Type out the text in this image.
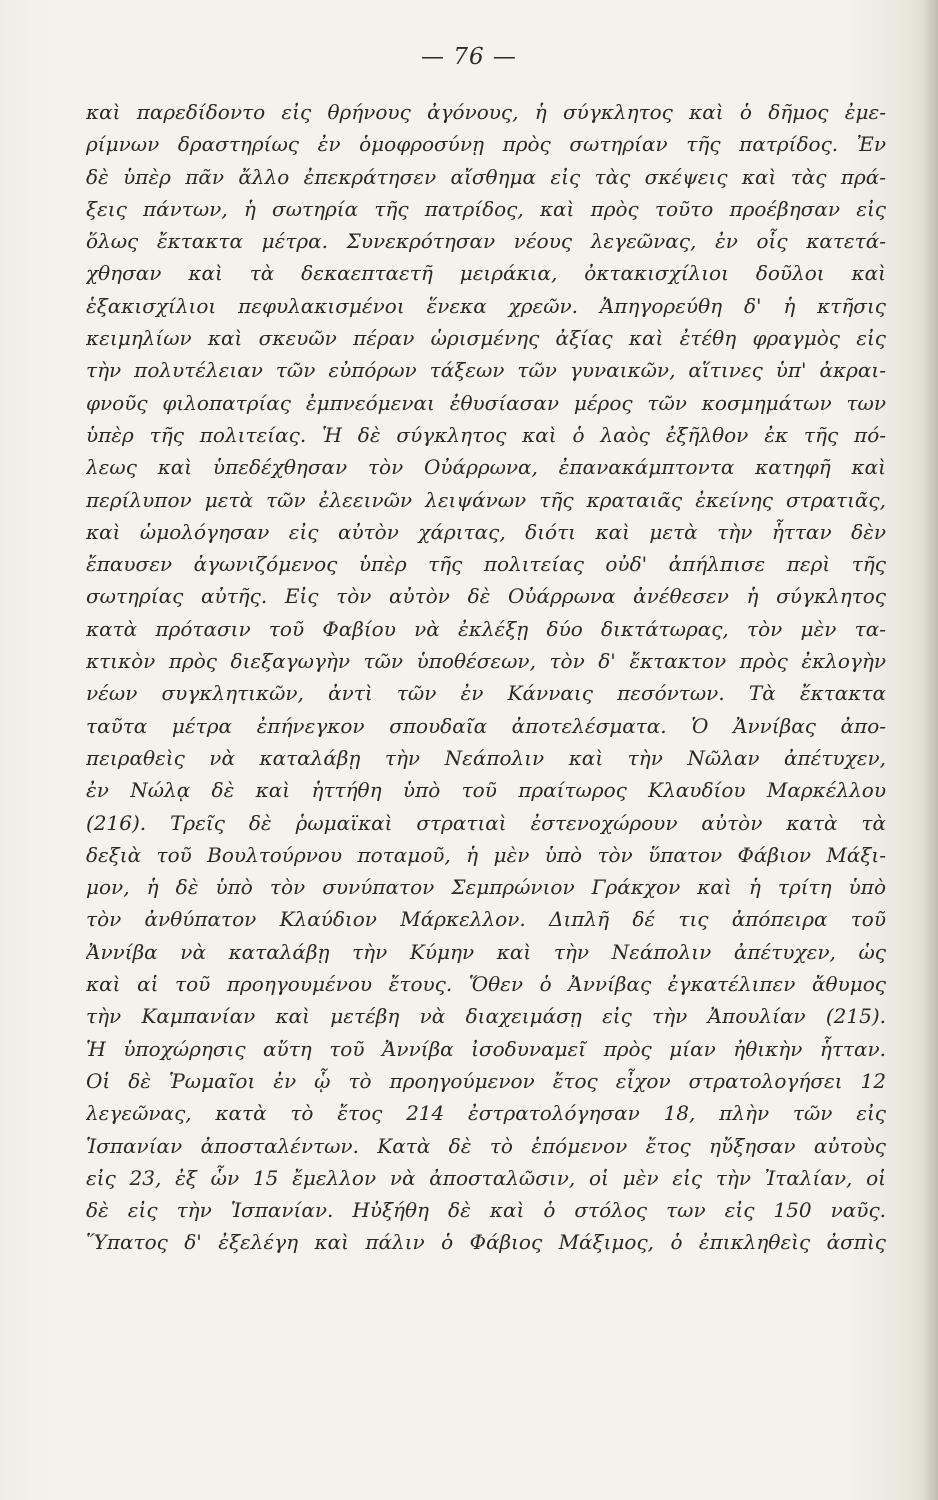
— 76 —
καὶ παρεδίδοντο εἰς θρήνους ἀγόνους, ἡ σύγκλητος καὶ ὁ δῆμος ἐμε-
ρίμνων δραστηρίως ἐν ὁμοφροσύνῃ πρὸς σωτηρίαν τῆς πατρίδος. Ἐν
δὲ ὑπὲρ πᾶν ἄλλο ἐπεκράτησεν αἴσθημα εἰς τὰς σκέψεις καὶ τὰς πρά-
ξεις πάντων, ἡ σωτηρία τῆς πατρίδος, καὶ πρὸς τοῦτο προέβησαν εἰς
ὅλως ἔκτακτα μέτρα. Συνεκρότησαν νέους λεγεῶνας, ἐν οἷς κατετά-
χθησαν καὶ τὰ δεκαεπταετῆ μειράκια, ὀκτακισχίλιοι δοῦλοι καὶ
ἑξακισχίλιοι πεφυλακισμένοι ἕνεκα χρεῶν. Ἀπηγορεύθη δ' ἡ κτῆσις
κειμηλίων καὶ σκευῶν πέραν ὡρισμένης ἀξίας καὶ ἐτέθη φραγμὸς εἰς
τὴν πολυτέλειαν τῶν εὐπόρων τάξεων τῶν γυναικῶν, αἵτινες ὑπ' ἀκραι-
φνοῦς φιλοπατρίας ἐμπνεόμεναι ἐθυσίασαν μέρος τῶν κοσμημάτων των
ὑπὲρ τῆς πολιτείας. Ἡ δὲ σύγκλητος καὶ ὁ λαὸς ἐξῆλθον ἐκ τῆς πό-
λεως καὶ ὑπεδέχθησαν τὸν Οὐάρρωνα, ἐπανακάμπτοντα κατηφῆ καὶ
περίλυπον μετὰ τῶν ἐλεεινῶν λειψάνων τῆς κραταιᾶς ἐκείνης στρατιᾶς,
καὶ ὡμολόγησαν εἰς αὐτὸν χάριτας, διότι καὶ μετὰ τὴν ἧτταν δὲν
ἔπαυσεν ἀγωνιζόμενος ὑπὲρ τῆς πολιτείας οὐδ' ἀπήλπισε περὶ τῆς
σωτηρίας αὐτῆς. Εἰς τὸν αὐτὸν δὲ Οὐάρρωνα ἀνέθεσεν ἡ σύγκλητος
κατὰ πρότασιν τοῦ Φαβίου νὰ ἐκλέξῃ δύο δικτάτωρας, τὸν μὲν τα-
κτικὸν πρὸς διεξαγωγὴν τῶν ὑποθέσεων, τὸν δ' ἔκτακτον πρὸς ἐκλογὴν
νέων συγκλητικῶν, ἀντὶ τῶν ἐν Κάνναις πεσόντων. Τὰ ἔκτακτα
ταῦτα μέτρα ἐπήνεγκον σπουδαῖα ἀποτελέσματα. Ὁ Ἀννίβας ἀπο-
πειραθεὶς νὰ καταλάβῃ τὴν Νεάπολιν καὶ τὴν Νῶλαν ἀπέτυχεν,
ἐν Νώλᾳ δὲ καὶ ἡττήθη ὑπὸ τοῦ πραίτωρος Κλαυδίου Μαρκέλλου
(216). Τρεῖς δὲ ῥωμαϊκαὶ στρατιαὶ ἐστενοχώρουν αὐτὸν κατὰ τὰ
δεξιὰ τοῦ Βουλτούρνου ποταμοῦ, ἡ μὲν ὑπὸ τὸν ὕπατον Φάβιον Μάξι-
μον, ἡ δὲ ὑπὸ τὸν συνύπατον Σεμπρώνιον Γράκχον καὶ ἡ τρίτη ὑπὸ
τὸν ἀνθύπατον Κλαύδιον Μάρκελλον. Διπλῆ δέ τις ἀπόπειρα τοῦ
Ἀννίβα νὰ καταλάβῃ τὴν Κύμην καὶ τὴν Νεάπολιν ἀπέτυχεν, ὡς
καὶ αἱ τοῦ προηγουμένου ἔτους. Ὅθεν ὁ Ἀννίβας ἐγκατέλιπεν ἄθυμος
τὴν Καμπανίαν καὶ μετέβη νὰ διαχειμάσῃ εἰς τὴν Ἀπουλίαν (215).
Ἡ ὑποχώρησις αὕτη τοῦ Ἀννίβα ἰσοδυναμεῖ πρὸς μίαν ἠθικὴν ἧτταν.
Οἱ δὲ Ῥωμαῖοι ἐν ᾧ τὸ προηγούμενον ἔτος εἶχον στρατολογήσει 12
λεγεῶνας, κατὰ τὸ ἔτος 214 ἐστρατολόγησαν 18, πλὴν τῶν εἰς
Ἱσπανίαν ἀποσταλέντων. Κατὰ δὲ τὸ ἑπόμενον ἔτος ηὔξησαν αὐτοὺς
εἰς 23, ἐξ ὧν 15 ἔμελλον νὰ ἀποσταλῶσιν, οἱ μὲν εἰς τὴν Ἰταλίαν, οἱ
δὲ εἰς τὴν Ἱσπανίαν. Ηὐξήθη δὲ καὶ ὁ στόλος των εἰς 150 ναῦς.
Ὕπατος δ' ἐξελέγη καὶ πάλιν ὁ Φάβιος Μάξιμος, ὁ ἐπικληθεὶς ἀσπὶς
